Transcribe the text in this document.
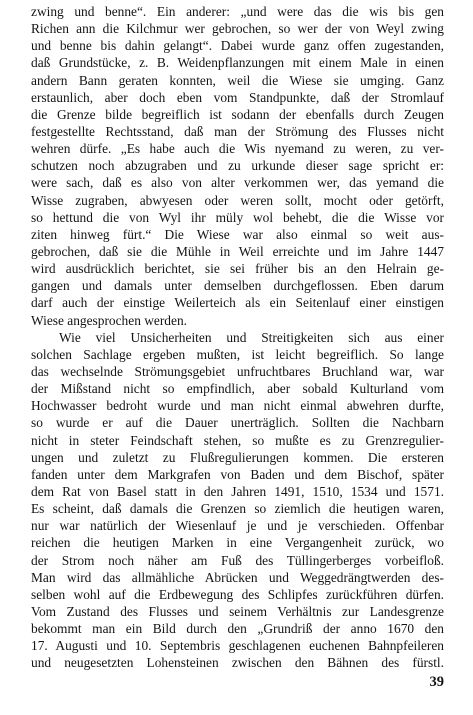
zwing und benne“. Ein anderer: „und were das die wis bis gen
Richen ann die Kilchmur wer gebrochen, so wer der von Weyl zwing
und benne bis dahin gelangt“. Dabei wurde ganz offen zugestanden,
daß Grundstücke, z. B. Weidenpflanzungen mit einem Male in einen
andern Bann geraten konnten, weil die Wiese sie umging. Ganz
erstaunlich, aber doch eben vom Standpunkte, daß der Stromlauf
die Grenze bilde begreiflich ist sodann der ebenfalls durch Zeugen
festgestellte Rechtsstand, daß man der Strömung des Flusses nicht
wehren dürfe. „Es habe auch die Wis nyemand zu weren, zu ver-
schutzen noch abzugraben und zu urkunde dieser sage spricht er:
were sach, daß es also von alter verkommen wer, das yemand die
Wisse zugraben, abwyesen oder weren sollt, mocht oder getörft,
so hettund die von Wyl ihr müly wol behebt, die die Wisse vor
ziten hinweg fürt.“ Die Wiese war also einmal so weit aus-
gebrochen, daß sie die Mühle in Weil erreichte und im Jahre 1447
wird ausdrücklich berichtet, sie sei früher bis an den Helrain ge-
gangen und damals unter demselben durchgeflossen. Eben darum
darf auch der einstige Weilerteich als ein Seitenlauf einer einstigen
Wiese angesprochen werden.
Wie viel Unsicherheiten und Streitigkeiten sich aus einer
solchen Sachlage ergeben mußten, ist leicht begreiflich. So lange
das wechselnde Strömungsgebiet unfruchtbares Bruchland war, war
der Mißstand nicht so empfindlich, aber sobald Kulturland vom
Hochwasser bedroht wurde und man nicht einmal abwehren durfte,
so wurde er auf die Dauer unerträglich. Sollten die Nachbarn
nicht in steter Feindschaft stehen, so mußte es zu Grenzregulier-
ungen und zuletzt zu Flußregulierungen kommen. Die ersteren
fanden unter dem Markgrafen von Baden und dem Bischof, später
dem Rat von Basel statt in den Jahren 1491, 1510, 1534 und 1571.
Es scheint, daß damals die Grenzen so ziemlich die heutigen waren,
nur war natürlich der Wiesenlauf je und je verschieden. Offenbar
reichen die heutigen Marken in eine Vergangenheit zurück, wo
der Strom noch näher am Fuß des Tüllingerberges vorbeifloß.
Man wird das allmähliche Abrücken und Weggedrängtwerden des-
selben wohl auf die Erdbewegung des Schlipfes zurückführen dürfen.
Vom Zustand des Flusses und seinem Verhältnis zur Landesgrenze
bekommt man ein Bild durch den „Grundriß der anno 1670 den
17. Augusti und 10. Septembris geschlagenen euchenen Bahnpfeileren
und neugesetzten Lohensteinen zwischen den Bähnen des fürstl.
39
